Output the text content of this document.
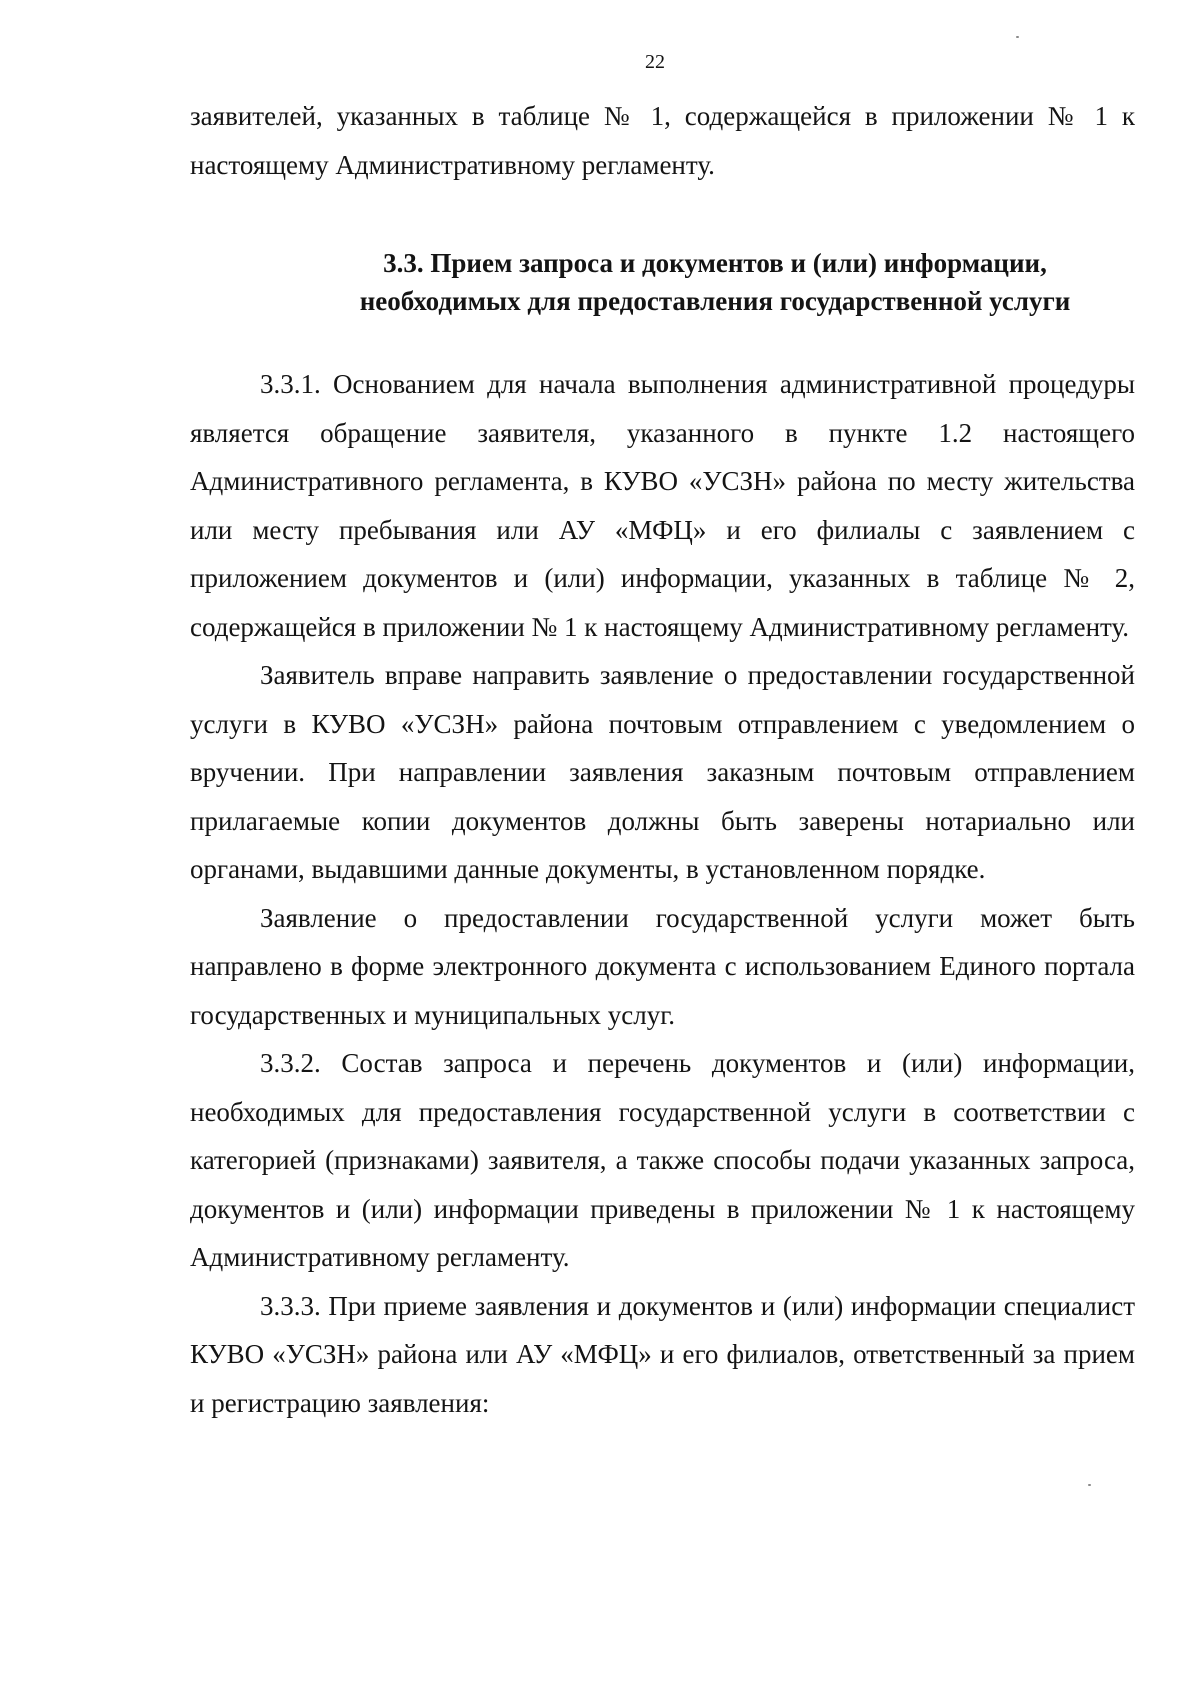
22

заявителей, указанных в таблице № 1, содержащейся в приложении № 1 к настоящему Административному регламенту.

3.3. Прием запроса и документов и (или) информации,
необходимых для предоставления государственной услуги

3.3.1. Основанием для начала выполнения административной процедуры является обращение заявителя, указанного в пункте 1.2 настоящего Административного регламента, в КУВО «УСЗН» района по месту жительства или месту пребывания или АУ «МФЦ» и его филиалы с заявлением с приложением документов и (или) информации, указанных в таблице № 2, содержащейся в приложении № 1 к настоящему Административному регламенту.

Заявитель вправе направить заявление о предоставлении государственной услуги в КУВО «УСЗН» района почтовым отправлением с уведомлением о вручении. При направлении заявления заказным почтовым отправлением прилагаемые копии документов должны быть заверены нотариально или органами, выдавшими данные документы, в установленном порядке.

Заявление о предоставлении государственной услуги может быть направлено в форме электронного документа с использованием Единого портала государственных и муниципальных услуг.

3.3.2. Состав запроса и перечень документов и (или) информации, необходимых для предоставления государственной услуги в соответствии с категорией (признаками) заявителя, а также способы подачи указанных запроса, документов и (или) информации приведены в приложении № 1 к настоящему Административному регламенту.

3.3.3. При приеме заявления и документов и (или) информации специалист КУВО «УСЗН» района или АУ «МФЦ» и его филиалов, ответственный за прием и регистрацию заявления:
